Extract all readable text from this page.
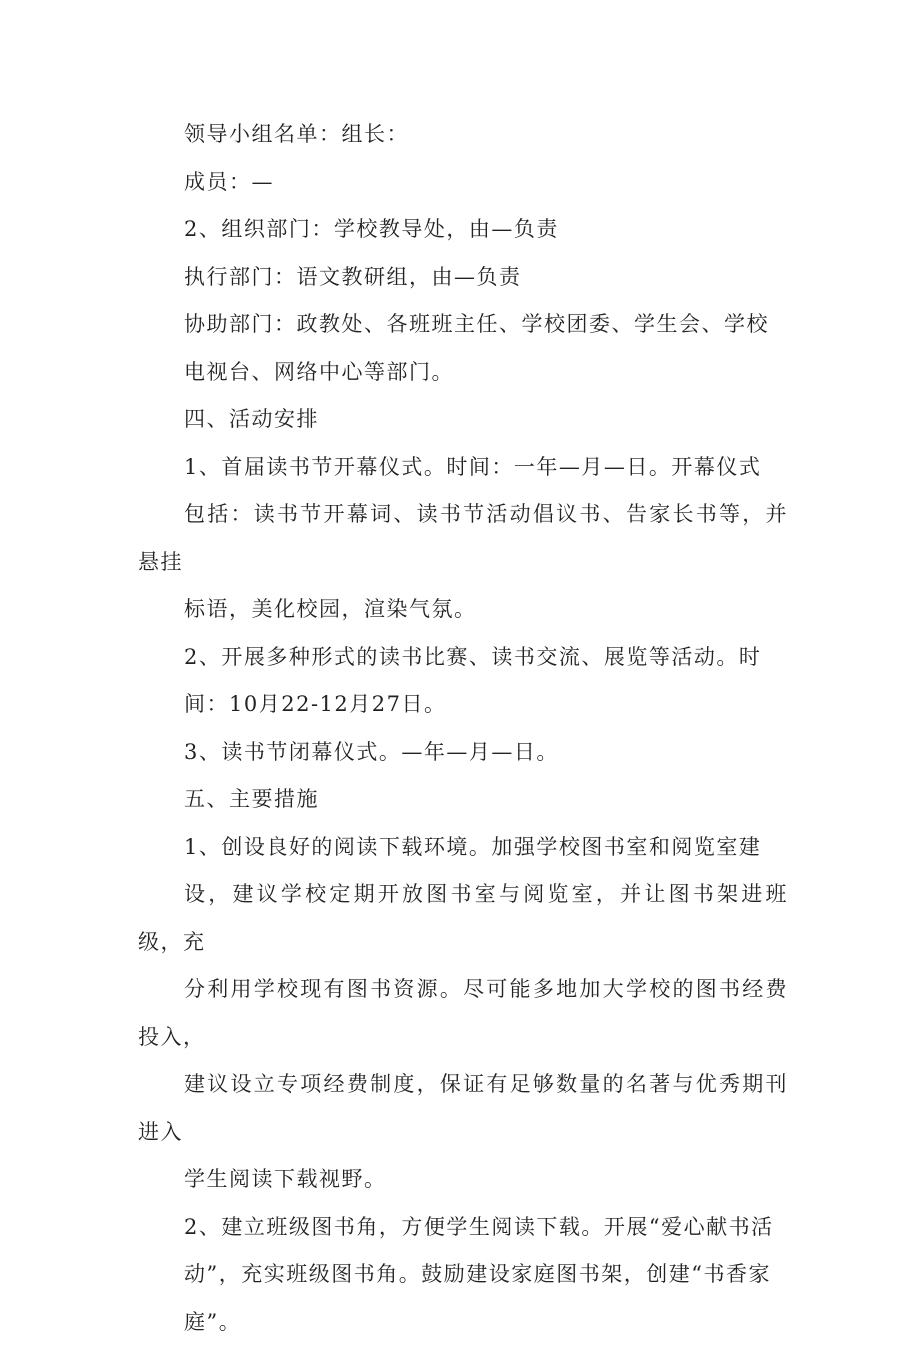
领导小组名单：组长：

成员：—

2、组织部门：学校教导处，由—负责

执行部门：语文教研组，由—负责

协助部门：政教处、各班班主任、学校团委、学生会、学校
电视台、网络中心等部门。

四、活动安排

1、首届读书节开幕仪式。时间：一年—月—日。开幕仪式
包括：读书节开幕词、读书节活动倡议书、告家长书等，并悬挂
标语，美化校园，渲染气氛。

2、开展多种形式的读书比赛、读书交流、展览等活动。时
间：10月22-12月27日。

3、读书节闭幕仪式。—年—月—日。

五、主要措施

1、创设良好的阅读下载环境。加强学校图书室和阅览室建
设，建议学校定期开放图书室与阅览室，并让图书架进班级，充
分利用学校现有图书资源。尽可能多地加大学校的图书经费投入，
建议设立专项经费制度，保证有足够数量的名著与优秀期刊进入
学生阅读下载视野。

2、建立班级图书角，方便学生阅读下载。开展“爱心献书活
动”，充实班级图书角。鼓励建设家庭图书架，创建“书香家
庭”。
